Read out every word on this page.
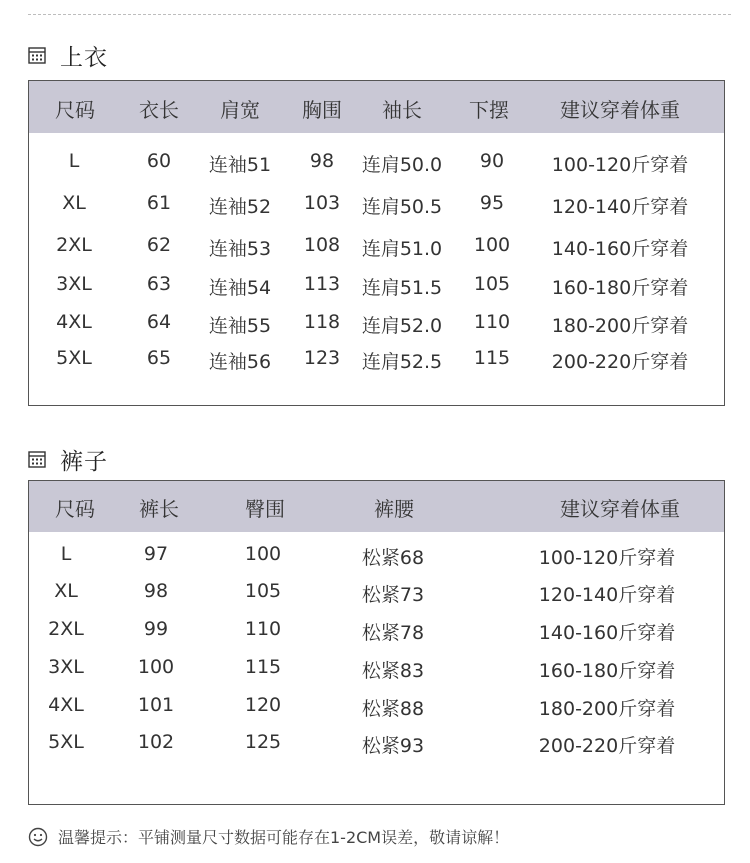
上衣
尺码 衣长 肩宽 胸围 袖长 下摆	建议穿着体重
L	60 连袖51 98 连肩50.0 90	100-120斤穿着
XL	61 连袖52 103 连肩50.5 95	120-140斤穿着
2XL	62 连袖53 108 连肩51.0 100 140-160斤穿着
3XL	63 连袖54 113 连肩51.5 105 160-180斤穿着
4XL	64 连袖55 118 连肩52.0 110 180-200斤穿着
5XL	65 连袖56 123 连肩52.5 115 200-220斤穿着
裤子
尺码 裤长	臀围	裤腰	建议穿着体重
L	97	100	松紧68	100-120斤穿着
XL	98	105	松紧73	120-140斤穿着
2XL	99	110	松紧78	140-160斤穿着
3XL	100	115	松紧83	160-180斤穿着
4XL	101	120	松紧88	180-200斤穿着
5XL	102	125	松紧93	200-220斤穿着
温馨提示：平铺测量尺寸数据可能存在1-2CM误差，敬请谅解！
